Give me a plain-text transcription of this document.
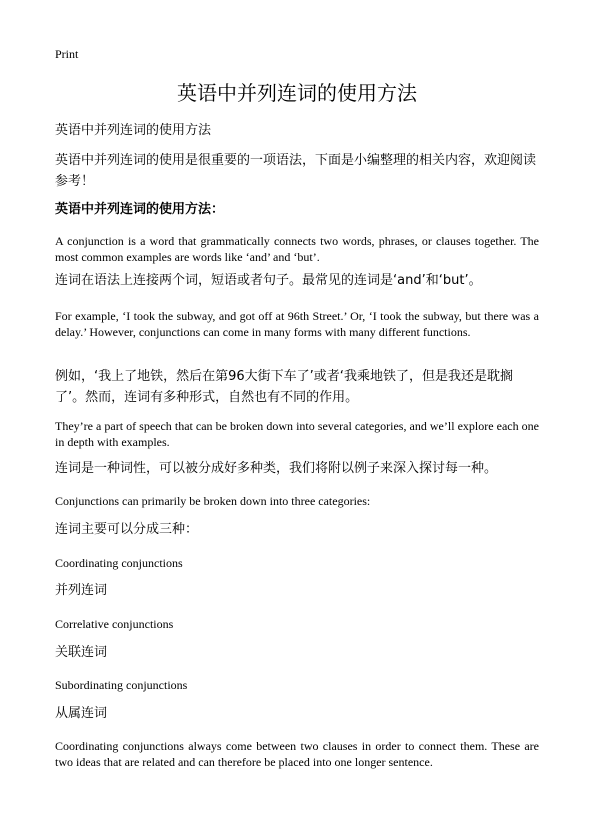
Print
英语中并列连词的使用方法

英语中并列连词的使用方法

英语中并列连词的使用是很重要的一项语法，下面是小编整理的相关内容，欢迎阅读参考！

英语中并列连词的使用方法：

A conjunction is a word that grammatically connects two words, phrases, or clauses together. The most common examples are words like ‘and’ and ‘but’.

连词在语法上连接两个词，短语或者句子。最常见的连词是‘and’和‘but’。

For example, ‘I took the subway, and got off at 96th Street.’ Or, ‘I took the subway, but there was a delay.’ However, conjunctions can come in many forms with many different functions.

例如，‘我上了地铁，然后在第96大街下车了’或者‘我乘地铁了，但是我还是耽搁了’。然而，连词有多种形式，自然也有不同的作用。

They’re a part of speech that can be broken down into several categories, and we’ll explore each one in depth with examples.

连词是一种词性，可以被分成好多种类，我们将附以例子来深入探讨每一种。

Conjunctions can primarily be broken down into three categories:

连词主要可以分成三种：

Coordinating conjunctions

并列连词

Correlative conjunctions

关联连词

Subordinating conjunctions

从属连词

Coordinating conjunctions always come between two clauses in order to connect them. These are two ideas that are related and can therefore be placed into one longer sentence.
